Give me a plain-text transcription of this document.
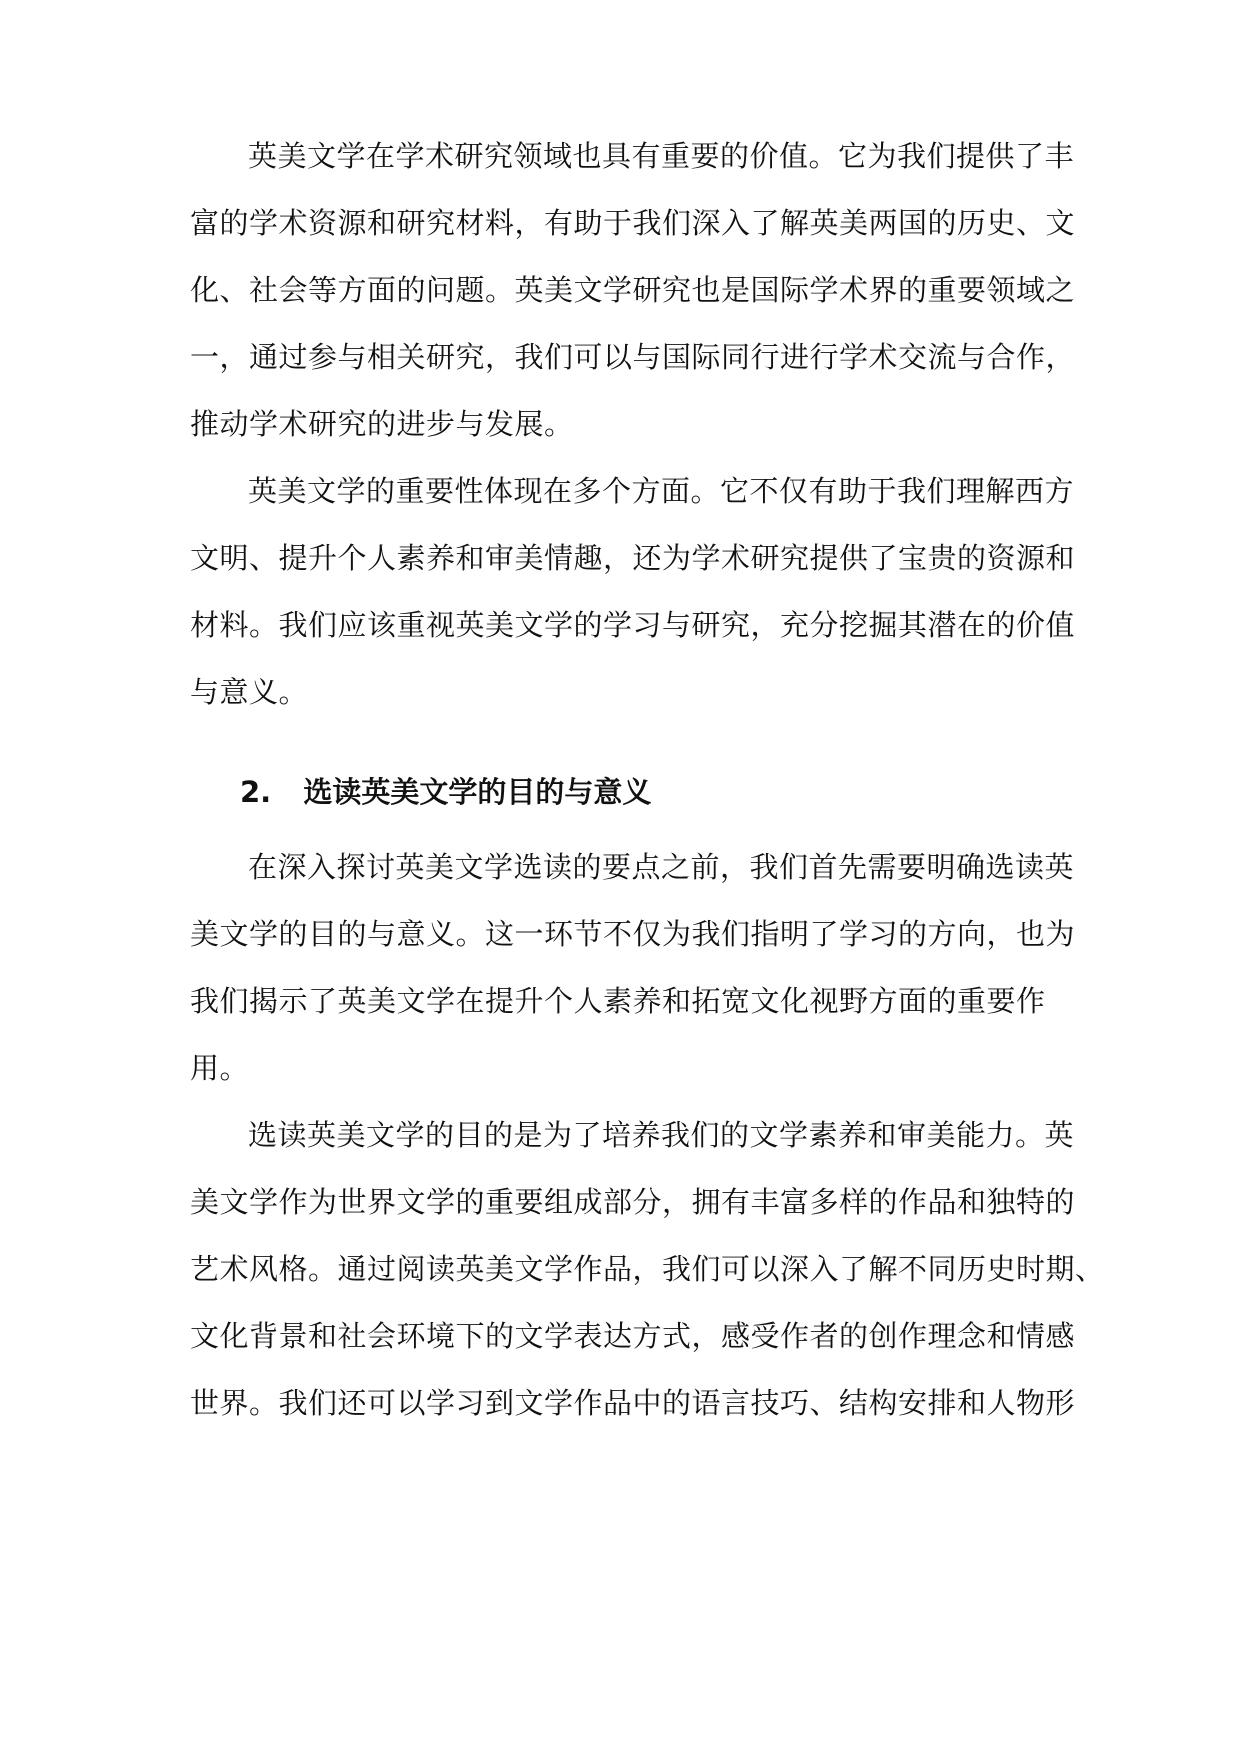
英美文学在学术研究领域也具有重要的价值。它为我们提供了丰
富的学术资源和研究材料，有助于我们深入了解英美两国的历史、文
化、社会等方面的问题。英美文学研究也是国际学术界的重要领域之
一，通过参与相关研究，我们可以与国际同行进行学术交流与合作，
推动学术研究的进步与发展。
英美文学的重要性体现在多个方面。它不仅有助于我们理解西方
文明、提升个人素养和审美情趣，还为学术研究提供了宝贵的资源和
材料。我们应该重视英美文学的学习与研究，充分挖掘其潜在的价值
与意义。
2. 选读英美文学的目的与意义
在深入探讨英美文学选读的要点之前，我们首先需要明确选读英
美文学的目的与意义。这一环节不仅为我们指明了学习的方向，也为
我们揭示了英美文学在提升个人素养和拓宽文化视野方面的重要作
用。
选读英美文学的目的是为了培养我们的文学素养和审美能力。英
美文学作为世界文学的重要组成部分，拥有丰富多样的作品和独特的
艺术风格。通过阅读英美文学作品，我们可以深入了解不同历史时期、
文化背景和社会环境下的文学表达方式，感受作者的创作理念和情感
世界。我们还可以学习到文学作品中的语言技巧、结构安排和人物形
